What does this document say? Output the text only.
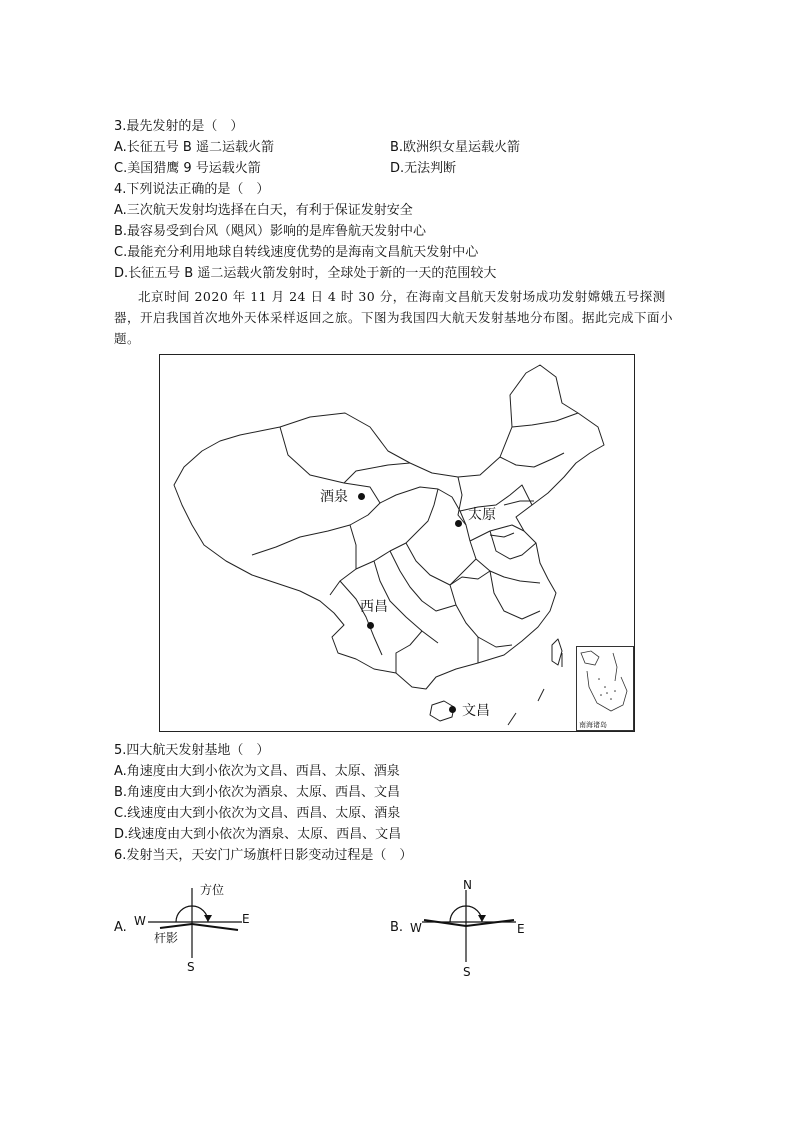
3.最先发射的是（　）
A.长征五号 B 遥二运载火箭	B.欧洲织女星运载火箭
C.美国猎鹰 9 号运载火箭	D.无法判断
4.下列说法正确的是（　）
A.三次航天发射均选择在白天，有利于保证发射安全
B.最容易受到台风（飓风）影响的是库鲁航天发射中心
C.最能充分利用地球自转线速度优势的是海南文昌航天发射中心
D.长征五号 B 遥二运载火箭发射时，全球处于新的一天的范围较大
北京时间 2020 年 11 月 24 日 4 时 30 分，在海南文昌航天发射场成功发射嫦娥五号探测器，开启我国首次地外天体采样返回之旅。下图为我国四大航天发射基地分布图。据此完成下面小题。
南海诸岛
酒泉
太原
西昌
文昌
5.四大航天发射基地（　）
A.角速度由大到小依次为文昌、西昌、太原、酒泉
B.角速度由大到小依次为酒泉、太原、西昌、文昌
C.线速度由大到小依次为文昌、西昌、太原、酒泉
D.线速度由大到小依次为酒泉、太原、西昌、文昌
6.发射当天，天安门广场旗杆日影变动过程是（　）
A.
方位
W	E
杆影
S
B.
N
W	E
S
